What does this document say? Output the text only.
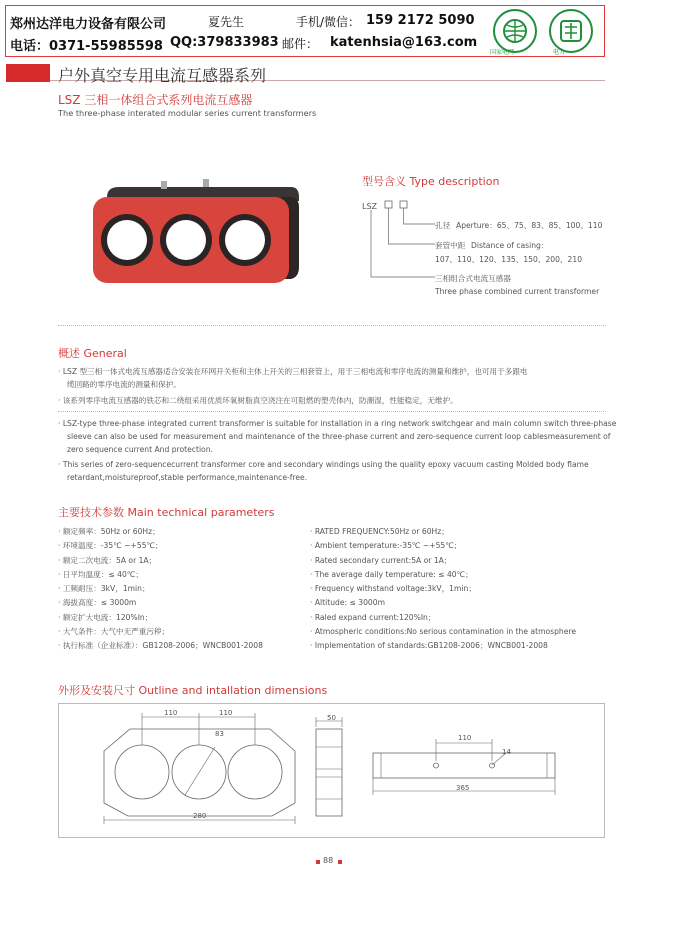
郑州达洋电力设备有限公司	夏先生	手机/微信： 159 2172 5090
电话：0371-55985598 QQ:379833983 邮件： katenhsia@163.com
国家电网	电力
户外真空专用电流互感器系列
LSZ 三相一体组合式系列电流互感器
The three-phase interated modular series current transformers
型号含义 Type description
LSZ
孔径 Aperture：65、75、83、85、100、110
套管中距 Distance of casing：
107、110、120、135、150、200、210
三相组合式电流互感器
Three phase combined current transformer
概述 General
· LSZ 型三相一体式电流互感器适合安装在环网开关柜和主体上开关的三相套管上，用于三相电流和零序电流的测量和维护，也可用于多跟电
缆回路的零序电流的测量和保护。
· 该系列零序电流互感器的铁芯和二绕组采用优质环氧树脂真空浇注在可阻燃的塑壳体内，防潮湿，性能稳定，无维护。
· LSZ-type three-phase integrated current transformer is suitable for installation in a ring network switchgear and main column switch three-phase
sleeve can also be used for measurement and maintenance of the three-phase current and zero-sequence current loop cablesmeasurement of
zero sequence current And protection.
· This series of zero-sequencecurrent transformer core and secondary windings using the quality epoxy vacuum casting Molded body flame
retardant,moistureproof,stable performance,maintenance-free.
主要技术参数 Main technical parameters
· 额定频率：50Hz or 60Hz；
· 环境温度：-35℃ ~+55℃；
· 额定二次电流：5A or 1A；
· 日平均温度：≤ 40℃；
· 工频耐压：3kV，1min；
· 海拔高度：≤ 3000m
· 额定扩大电流：120%In；
· 大气条件：大气中无严重污秽；
· 执行标准（企业标准）：GB1208-2006；WNCB001-2008
· RATED FREQUENCY:50Hz or 60Hz；
· Ambient temperature:-35℃ ~+55℃；
· Rated secondary current:5A or 1A；
· The average daily temperature: ≤ 40℃；
· Frequency withstand voltage:3kV，1min；
· Altitude: ≤ 3000m
· Raled expand current:120%In；
· Atmospheric conditions:No serious contamination in the atmosphere
· Implementation of standards:GB1208-2006；WNCB001-2008
外形及安装尺寸 Outline and intallation dimensions
110	110
83
280
50
110
14
365
88
